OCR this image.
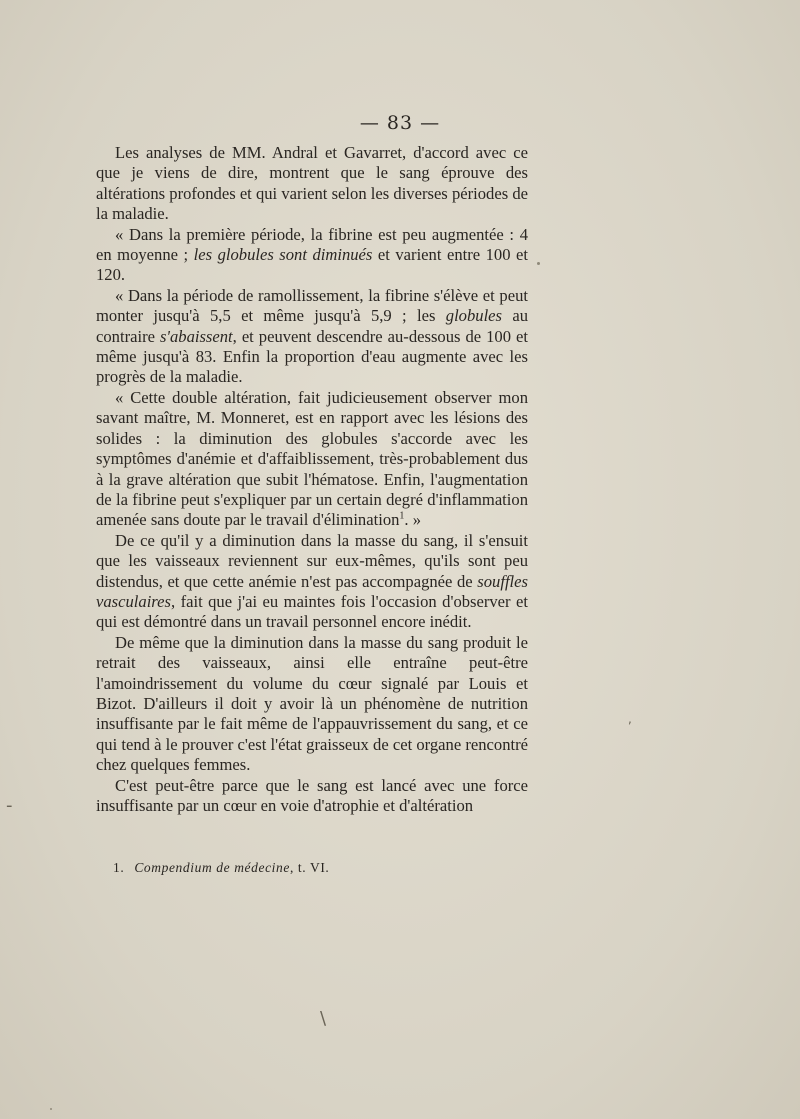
— 83 —

Les analyses de MM. Andral et Gavarret, d'accord avec ce que je viens de dire, montrent que le sang éprouve des altérations profondes et qui varient selon les diverses périodes de la maladie.

« Dans la première période, la fibrine est peu augmentée : 4 en moyenne ; les globules sont diminués et varient entre 100 et 120.

« Dans la période de ramollissement, la fibrine s'élève et peut monter jusqu'à 5,5 et même jusqu'à 5,9 ; les globules au contraire s'abaissent, et peuvent descendre au-dessous de 100 et même jusqu'à 83. Enfin la proportion d'eau augmente avec les progrès de la maladie.

« Cette double altération, fait judicieusement observer mon savant maître, M. Monneret, est en rapport avec les lésions des solides : la diminution des globules s'accorde avec les symptômes d'anémie et d'affaiblissement, très-probablement dus à la grave altération que subit l'hématose. Enfin, l'augmentation de la fibrine peut s'expliquer par un certain degré d'inflammation amenée sans doute par le travail d'élimination$^1$. »

De ce qu'il y a diminution dans la masse du sang, il s'ensuit que les vaisseaux reviennent sur eux-mêmes, qu'ils sont peu distendus, et que cette anémie n'est pas accompagnée de souffles vasculaires, fait que j'ai eu maintes fois l'occasion d'observer et qui est démontré dans un travail personnel encore inédit.

De même que la diminution dans la masse du sang produit le retrait des vaisseaux, ainsi elle entraîne peut-être l'amoindrissement du volume du cœur signalé par Louis et Bizot. D'ailleurs il doit y avoir là un phénomène de nutrition insuffisante par le fait même de l'appauvrissement du sang, et ce qui tend à le prouver c'est l'état graisseux de cet organe rencontré chez quelques femmes.

C'est peut-être parce que le sang est lancé avec une force insuffisante par un cœur en voie d'atrophie et d'altération

1. Compendium de médecine, t. VI.
-
,
\
